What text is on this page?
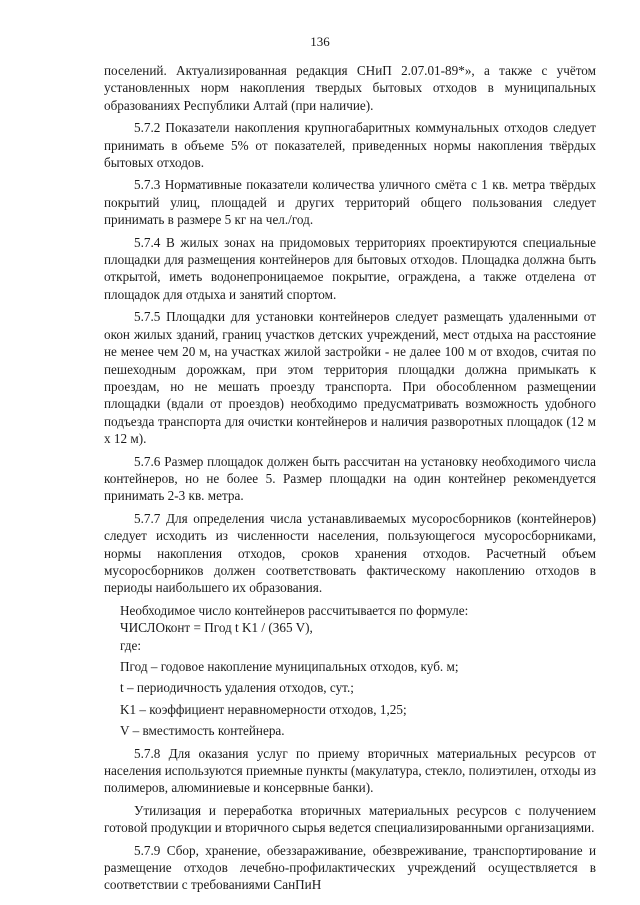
136

поселений. Актуализированная редакция СНиП 2.07.01-89*», а также с учётом установленных норм накопления твердых бытовых отходов в муниципальных образованиях Республики Алтай (при наличие).

5.7.2 Показатели накопления крупногабаритных коммунальных отходов следует принимать в объеме 5% от показателей, приведенных нормы накопления твёрдых бытовых отходов.

5.7.3 Нормативные показатели количества уличного смёта с 1 кв. метра твёрдых покрытий улиц, площадей и других территорий общего пользования следует принимать в размере 5 кг на чел./год.

5.7.4 В жилых зонах на придомовых территориях проектируются специальные площадки для размещения контейнеров для бытовых отходов. Площадка должна быть открытой, иметь водонепроницаемое покрытие, ограждена, а также отделена от площадок для отдыха и занятий спортом.

5.7.5 Площадки для установки контейнеров следует размещать удаленными от окон жилых зданий, границ участков детских учреждений, мест отдыха на расстояние не менее чем 20 м, на участках жилой застройки - не далее 100 м от входов, считая по пешеходным дорожкам, при этом территория площадки должна примыкать к проездам, но не мешать проезду транспорта. При обособленном размещении площадки (вдали от проездов) необходимо предусматривать возможность удобного подъезда транспорта для очистки контейнеров и наличия разворотных площадок (12 м х 12 м).

5.7.6 Размер площадок должен быть рассчитан на установку необходимого числа контейнеров, но не более 5. Размер площадки на один контейнер рекомендуется принимать 2-3 кв. метра.

5.7.7 Для определения числа устанавливаемых мусоросборников (контейнеров) следует исходить из численности населения, пользующегося мусоросборниками, нормы накопления отходов, сроков хранения отходов. Расчетный объем мусоросборников должен соответствовать фактическому накоплению отходов в периоды наибольшего их образования.

Необходимое число контейнеров рассчитывается по формуле:

ЧИСЛОконт = Пгод t K1 / (365 V),

где:

Пгод – годовое накопление муниципальных отходов, куб. м;

t – периодичность удаления отходов, сут.;

K1 – коэффициент неравномерности отходов, 1,25;

V – вместимость контейнера.

5.7.8 Для оказания услуг по приему вторичных материальных ресурсов от населения используются приемные пункты (макулатура, стекло, полиэтилен, отходы из полимеров, алюминиевые и консервные банки).

Утилизация и переработка вторичных материальных ресурсов с получением готовой продукции и вторичного сырья ведется специализированными организациями.

5.7.9 Сбор, хранение, обеззараживание, обезвреживание, транспортирование и размещение отходов лечебно-профилактических учреждений осуществляется в соответствии с требованиями СанПиН
